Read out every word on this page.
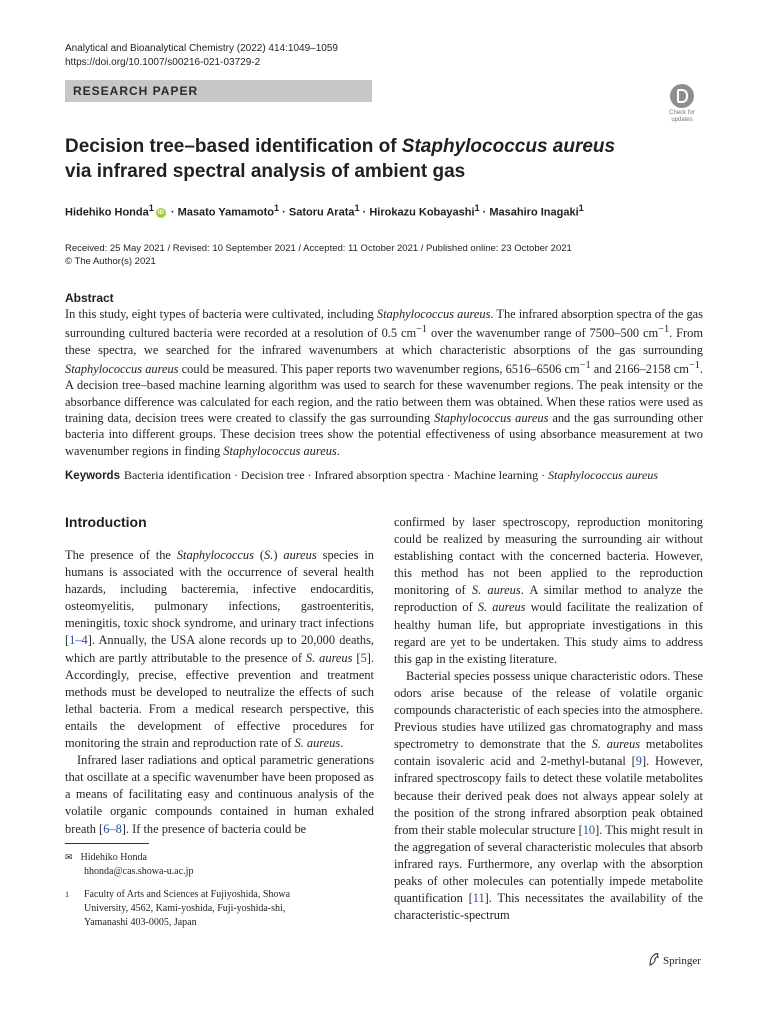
Analytical and Bioanalytical Chemistry (2022) 414:1049–1059
https://doi.org/10.1007/s00216-021-03729-2
RESEARCH PAPER
Check for
updates
Decision tree–based identification of Staphylococcus aureus
via infrared spectral analysis of ambient gas
Hidehiko Honda$^1$ iD · Masato Yamamoto$^1$ · Satoru Arata$^1$ · Hirokazu Kobayashi$^1$ · Masahiro Inagaki$^1$
Received: 25 May 2021 / Revised: 10 September 2021 / Accepted: 11 October 2021 / Published online: 23 October 2021
© The Author(s) 2021
Abstract
In this study, eight types of bacteria were cultivated, including Staphylococcus aureus. The infrared absorption spectra of the gas surrounding cultured bacteria were recorded at a resolution of 0.5 $cm^{-1}$ over the wavenumber range of 7500–500 $cm^{-1}$. From these spectra, we searched for the infrared wavenumbers at which characteristic absorptions of the gas surrounding Staphylococcus aureus could be measured. This paper reports two wavenumber regions, 6516–6506 $cm^{-1}$ and 2166–2158 $cm^{-1}$. A decision tree–based machine learning algorithm was used to search for these wavenumber regions. The peak intensity or the absorbance difference was calculated for each region, and the ratio between them was obtained. When these ratios were used as training data, decision trees were created to classify the gas surrounding Staphylococcus aureus and the gas surrounding other bacteria into different groups. These decision trees show the potential effectiveness of using absorbance measurement at two wavenumber regions in finding Staphylococcus aureus.
Keywords Bacteria identification · Decision tree · Infrared absorption spectra · Machine learning · Staphylococcus aureus
Introduction

The presence of the Staphylococcus (S.) aureus species in humans is associated with the occurrence of several health hazards, including bacteremia, infective endocarditis, osteomyelitis, pulmonary infections, gastroenteritis, meningitis, toxic shock syndrome, and urinary tract infections [1–4]. Annually, the USA alone records up to 20,000 deaths, which are partly attributable to the presence of S. aureus [5]. Accordingly, precise, effective prevention and treatment methods must be developed to neutralize the effects of such lethal bacteria. From a medical research perspective, this entails the development of effective procedures for monitoring the strain and reproduction rate of S. aureus.

Infrared laser radiations and optical parametric generations that oscillate at a specific wavenumber have been proposed as a means of facilitating easy and continuous analysis of the volatile organic compounds contained in human exhaled breath [6–8]. If the presence of bacteria could be

confirmed by laser spectroscopy, reproduction monitoring could be realized by measuring the surrounding air without establishing contact with the concerned bacteria. However, this method has not been applied to the reproduction monitoring of S. aureus. A similar method to analyze the reproduction of S. aureus would facilitate the realization of healthy human life, but appropriate investigations in this regard are yet to be undertaken. This study aims to address this gap in the existing literature.

Bacterial species possess unique characteristic odors. These odors arise because of the release of volatile organic compounds characteristic of each species into the atmosphere. Previous studies have utilized gas chromatography and mass spectrometry to demonstrate that the S. aureus metabolites contain isovaleric acid and 2-methyl-butanal [9]. However, infrared spectroscopy fails to detect these volatile metabolites because their derived peak does not always appear solely at the position of the strong infrared absorption peak obtained from their stable molecular structure [10]. This might result in the aggregation of several characteristic molecules that absorb infrared rays. Furthermore, any overlap with the absorption peaks of other molecules can potentially impede metabolite quantification [11]. This necessitates the availability of the characteristic-spectrum

✉ Hidehiko Honda
hhonda@cas.showa-u.ac.jp
1	Faculty of Arts and Sciences at Fujiyoshida, Showa
University, 4562, Kami-yoshida, Fuji-yoshida-shi,
Yamanashi 403-0005, Japan
Springer
